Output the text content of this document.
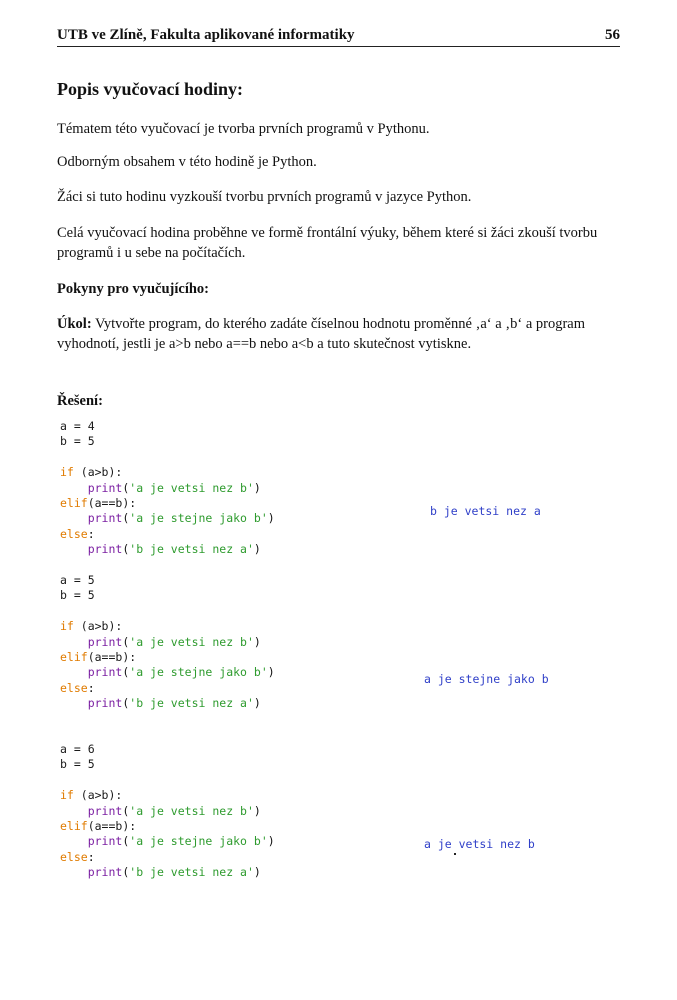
UTB ve Zlíně, Fakulta aplikované informatiky	56
Popis vyučovací hodiny:
Tématem této vyučovací je tvorba prvních programů v Pythonu.
Odborným obsahem v této hodině je Python.
Žáci si tuto hodinu vyzkouší tvorbu prvních programů v jazyce Python.
Celá vyučovací hodina proběhne ve formě frontální výuky, během které si žáci zkouší tvorbu programů i u sebe na počítačích.
Pokyny pro vyučujícího:
Úkol: Vytvořte program, do kterého zadáte číselnou hodnotu proměnné ‚a‘ a ‚b‘ a program vyhodnotí, jestli je a>b nebo a==b nebo a<b a tuto skutečnost vytiskne.
Řešení:
a = 4
b = 5

if (a>b):
print('a je vetsi nez b')
elif(a==b):
print('a je stejne jako b')
else:
print('b je vetsi nez a')
b je vetsi nez a
a = 5
b = 5

if (a>b):
print('a je vetsi nez b')
elif(a==b):
print('a je stejne jako b')
else:
print('b je vetsi nez a')
a je stejne jako b
a = 6
b = 5

if (a>b):
print('a je vetsi nez b')
elif(a==b):
print('a je stejne jako b')
else:
print('b je vetsi nez a')
a je vetsi nez b
